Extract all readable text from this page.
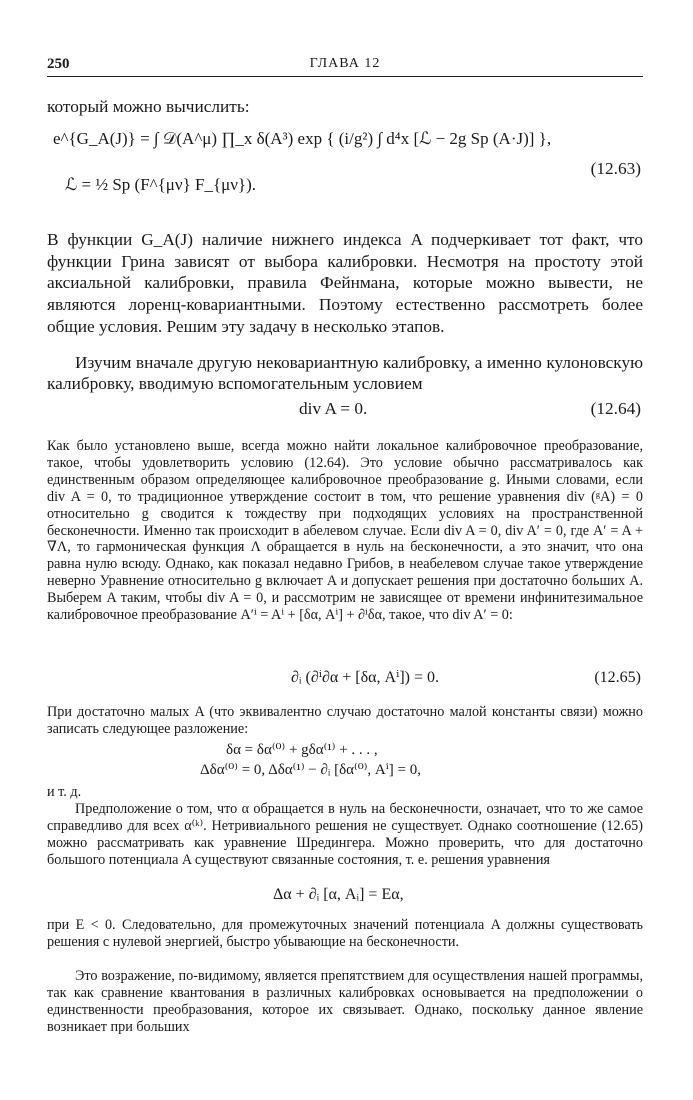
250	ГЛАВА 12
который можно вычислить:
e^{G_A(J)} = ∫ 𝒟(A^μ) ∏_x δ(A³) exp { (i/g²) ∫ d⁴x [ℒ − 2g Sp (A·J)] },
ℒ = ½ Sp (F^{μν} F_{μν}).
(12.63)

В функции G_A(J) наличие нижнего индекса A подчеркивает тот факт, что функции Грина зависят от выбора калибровки. Несмотря на простоту этой аксиальной калибровки, правила Фейнмана, которые можно вывести, не являются лоренц-ковариантными. Поэтому естественно рассмотреть более общие условия. Решим эту задачу в несколько этапов.

Изучим вначале другую нековариантную калибровку, а именно кулоновскую калибровку, вводимую вспомогательным условием

div A = 0.	(12.64)

Как было установлено выше, всегда можно найти локальное калибровочное преобразование, такое, чтобы удовлетворить условию (12.64). Это условие обычно рассматривалось как единственным образом определяющее калибровочное преобразование g. Иными словами, если div A = 0, то традиционное утверждение состоит в том, что решение уравнения div (ᵍA) = 0 относительно g сводится к тождеству при подходящих условиях на пространственной бесконечности. Именно так происходит в абелевом случае. Если div A = 0, div A′ = 0, где A′ = A + ∇Λ, то гармоническая функция Λ обращается в нуль на бесконечности, а это значит, что она равна нулю всюду. Однако, как показал недавно Грибов, в неабелевом случае такое утверждение неверно Уравнение относительно g включает A и допускает решения при достаточно больших A. Выберем A таким, чтобы div A = 0, и рассмотрим не зависящее от времени инфинитезимальное калибровочное преобразование A′ⁱ = Aⁱ + [δα, Aⁱ] + ∂ⁱδα, такое, что div A′ = 0:

∂ᵢ (∂ⁱ∂α + [δα, Aⁱ]) = 0.	(12.65)

При достаточно малых A (что эквивалентно случаю достаточно малой константы связи) можно записать следующее разложение:

δα = δα⁽⁰⁾ + gδα⁽¹⁾ + . . . ,
Δδα⁽⁰⁾ = 0, Δδα⁽¹⁾ − ∂ᵢ [δα⁽⁰⁾, Aⁱ] = 0,
и т. д.

Предположение о том, что α обращается в нуль на бесконечности, означает, что то же самое справедливо для всех α⁽ᵏ⁾. Нетривиального решения не существует. Однако соотношение (12.65) можно рассматривать как уравнение Шредингера. Можно проверить, что для достаточно большого потенциала A существуют связанные состояния, т. е. решения уравнения

Δα + ∂ᵢ [α, Aᵢ] = Eα,

при E < 0. Следовательно, для промежуточных значений потенциала A должны существовать решения с нулевой энергией, быстро убывающие на бесконечности.

Это возражение, по-видимому, является препятствием для осуществления нашей программы, так как сравнение квантования в различных калибровках основывается на предположении о единственности преобразования, которое их связывает. Однако, поскольку данное явление возникает при больших
